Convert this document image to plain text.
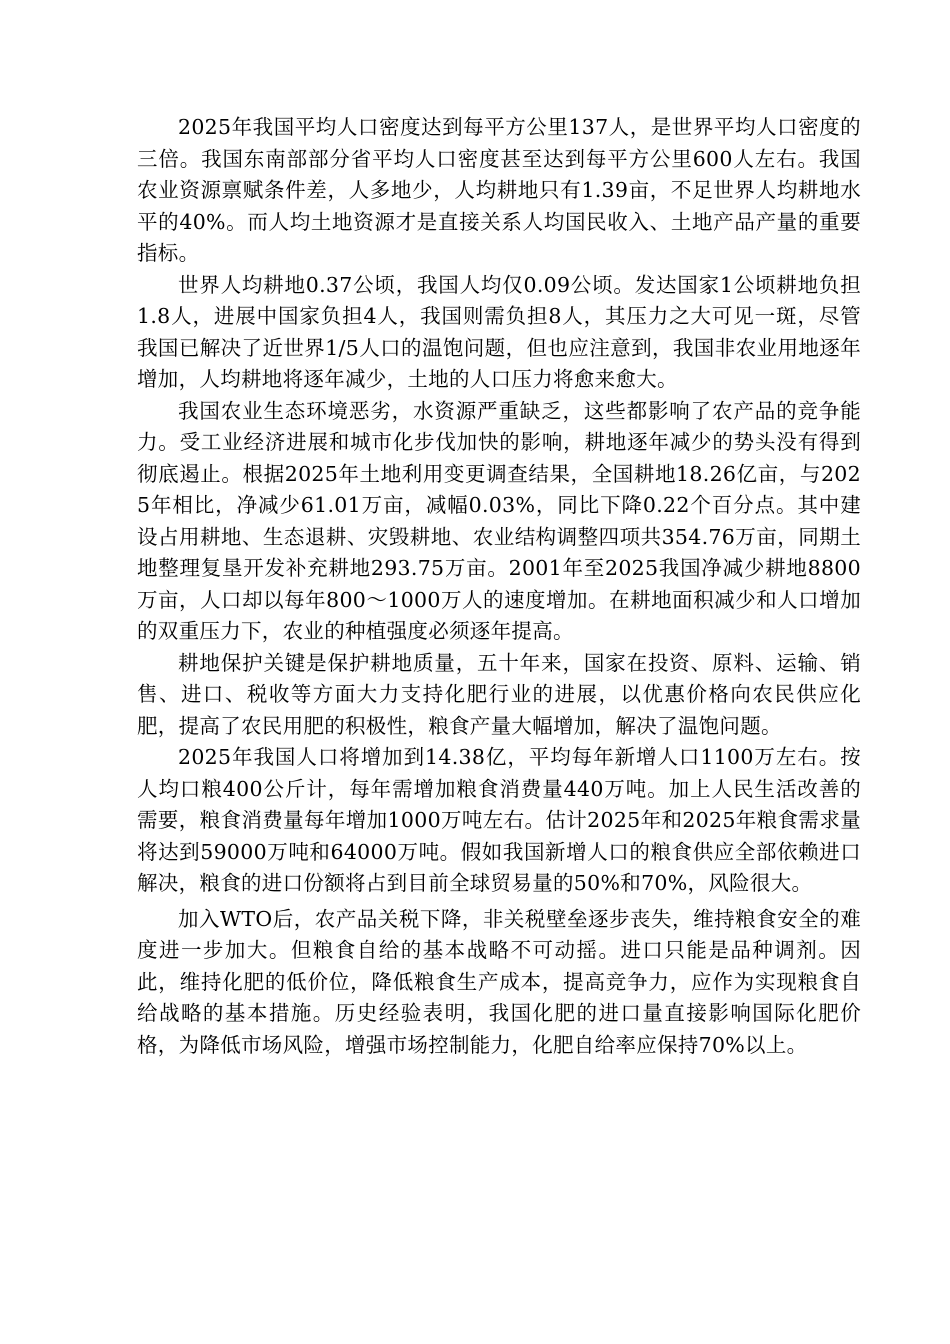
2025年我国平均人口密度达到每平方公里137人，是世界平均人口密度的三倍。我国东南部部分省平均人口密度甚至达到每平方公里600人左右。我国农业资源禀赋条件差，人多地少，人均耕地只有1.39亩，不足世界人均耕地水平的40%。而人均土地资源才是直接关系人均国民收入、土地产品产量的重要指标。

世界人均耕地0.37公顷，我国人均仅0.09公顷。发达国家1公顷耕地负担1.8人，进展中国家负担4人，我国则需负担8人，其压力之大可见一斑，尽管我国已解决了近世界1/5人口的温饱问题，但也应注意到，我国非农业用地逐年增加，人均耕地将逐年减少，土地的人口压力将愈来愈大。

我国农业生态环境恶劣，水资源严重缺乏，这些都影响了农产品的竞争能力。受工业经济进展和城市化步伐加快的影响，耕地逐年减少的势头没有得到彻底遏止。根据2025年土地利用变更调查结果，全国耕地18.26亿亩，与2025年相比，净减少61.01万亩，减幅0.03%，同比下降0.22个百分点。其中建设占用耕地、生态退耕、灾毁耕地、农业结构调整四项共354.76万亩，同期土地整理复垦开发补充耕地293.75万亩。2001年至2025我国净减少耕地8800万亩，人口却以每年800～1000万人的速度增加。在耕地面积减少和人口增加的双重压力下，农业的种植强度必须逐年提高。

耕地保护关键是保护耕地质量，五十年来，国家在投资、原料、运输、销售、进口、税收等方面大力支持化肥行业的进展，以优惠价格向农民供应化肥，提高了农民用肥的积极性，粮食产量大幅增加，解决了温饱问题。

2025年我国人口将增加到14.38亿，平均每年新增人口1100万左右。按人均口粮400公斤计，每年需增加粮食消费量440万吨。加上人民生活改善的需要，粮食消费量每年增加1000万吨左右。估计2025年和2025年粮食需求量将达到59000万吨和64000万吨。假如我国新增人口的粮食供应全部依赖进口解决，粮食的进口份额将占到目前全球贸易量的50%和70%，风险很大。

加入WTO后，农产品关税下降，非关税壁垒逐步丧失，维持粮食安全的难度进一步加大。但粮食自给的基本战略不可动摇。进口只能是品种调剂。因此，维持化肥的低价位，降低粮食生产成本，提高竞争力，应作为实现粮食自给战略的基本措施。历史经验表明，我国化肥的进口量直接影响国际化肥价格，为降低市场风险，增强市场控制能力，化肥自给率应保持70%以上。
